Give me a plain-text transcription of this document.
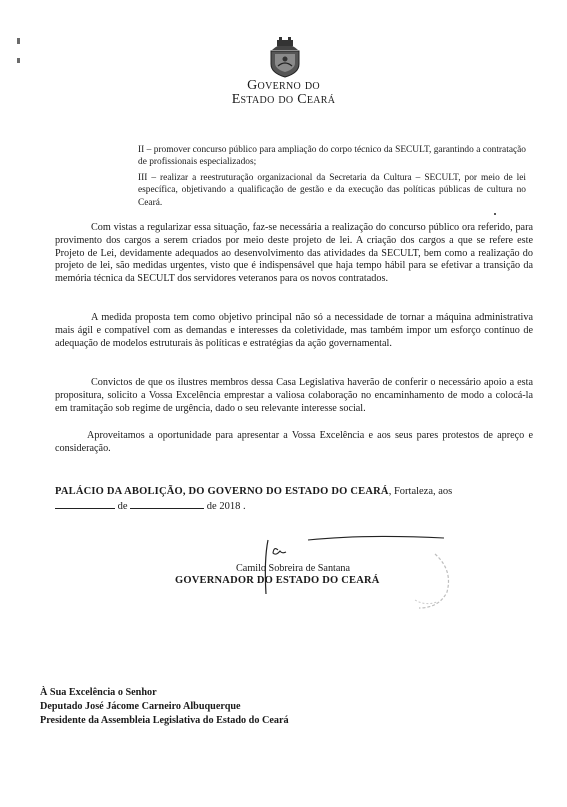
Governo do
Estado do Ceará
II – promover concurso público para ampliação do corpo técnico da SECULT, garantindo a contratação de profissionais especializados;
III – realizar a reestruturação organizacional da Secretaria da Cultura – SECULT, por meio de lei específica, objetivando a qualificação de gestão e da execução das políticas públicas de cultura no Ceará.
Com vistas a regularizar essa situação, faz-se necessária a realização do concurso público ora referido, para provimento dos cargos a serem criados por meio deste projeto de lei. A criação dos cargos a que se refere este Projeto de Lei, devidamente adequados ao desenvolvimento das atividades da SECULT, bem como a realização do projeto de lei, são medidas urgentes, visto que é indispensável que haja tempo hábil para se efetivar a transição da memória técnica da SECULT dos servidores veteranos para os novos contratados.
A medida proposta tem como objetivo principal não só a necessidade de tornar a máquina administrativa mais ágil e compatível com as demandas e interesses da coletividade, mas também impor um esforço contínuo de adequação de modelos estruturais às políticas e estratégias da ação governamental.
Convictos de que os ilustres membros dessa Casa Legislativa haverão de conferir o necessário apoio a esta propositura, solicito a Vossa Excelência emprestar a valiosa colaboração no encaminhamento de modo a colocá-la em tramitação sob regime de urgência, dado o seu relevante interesse social.
Aproveitamos a oportunidade para apresentar a Vossa Excelência e aos seus pares protestos de apreço e consideração.
PALÁCIO DA ABOLIÇÃO, DO GOVERNO DO ESTADO DO CEARÁ, Fortaleza, aos
de	de 2018 .
Camilo Sobreira de Santana
GOVERNADOR DO ESTADO DO CEARÁ
À Sua Excelência o Senhor
Deputado José Jácome Carneiro Albuquerque
Presidente da Assembleia Legislativa do Estado do Ceará
